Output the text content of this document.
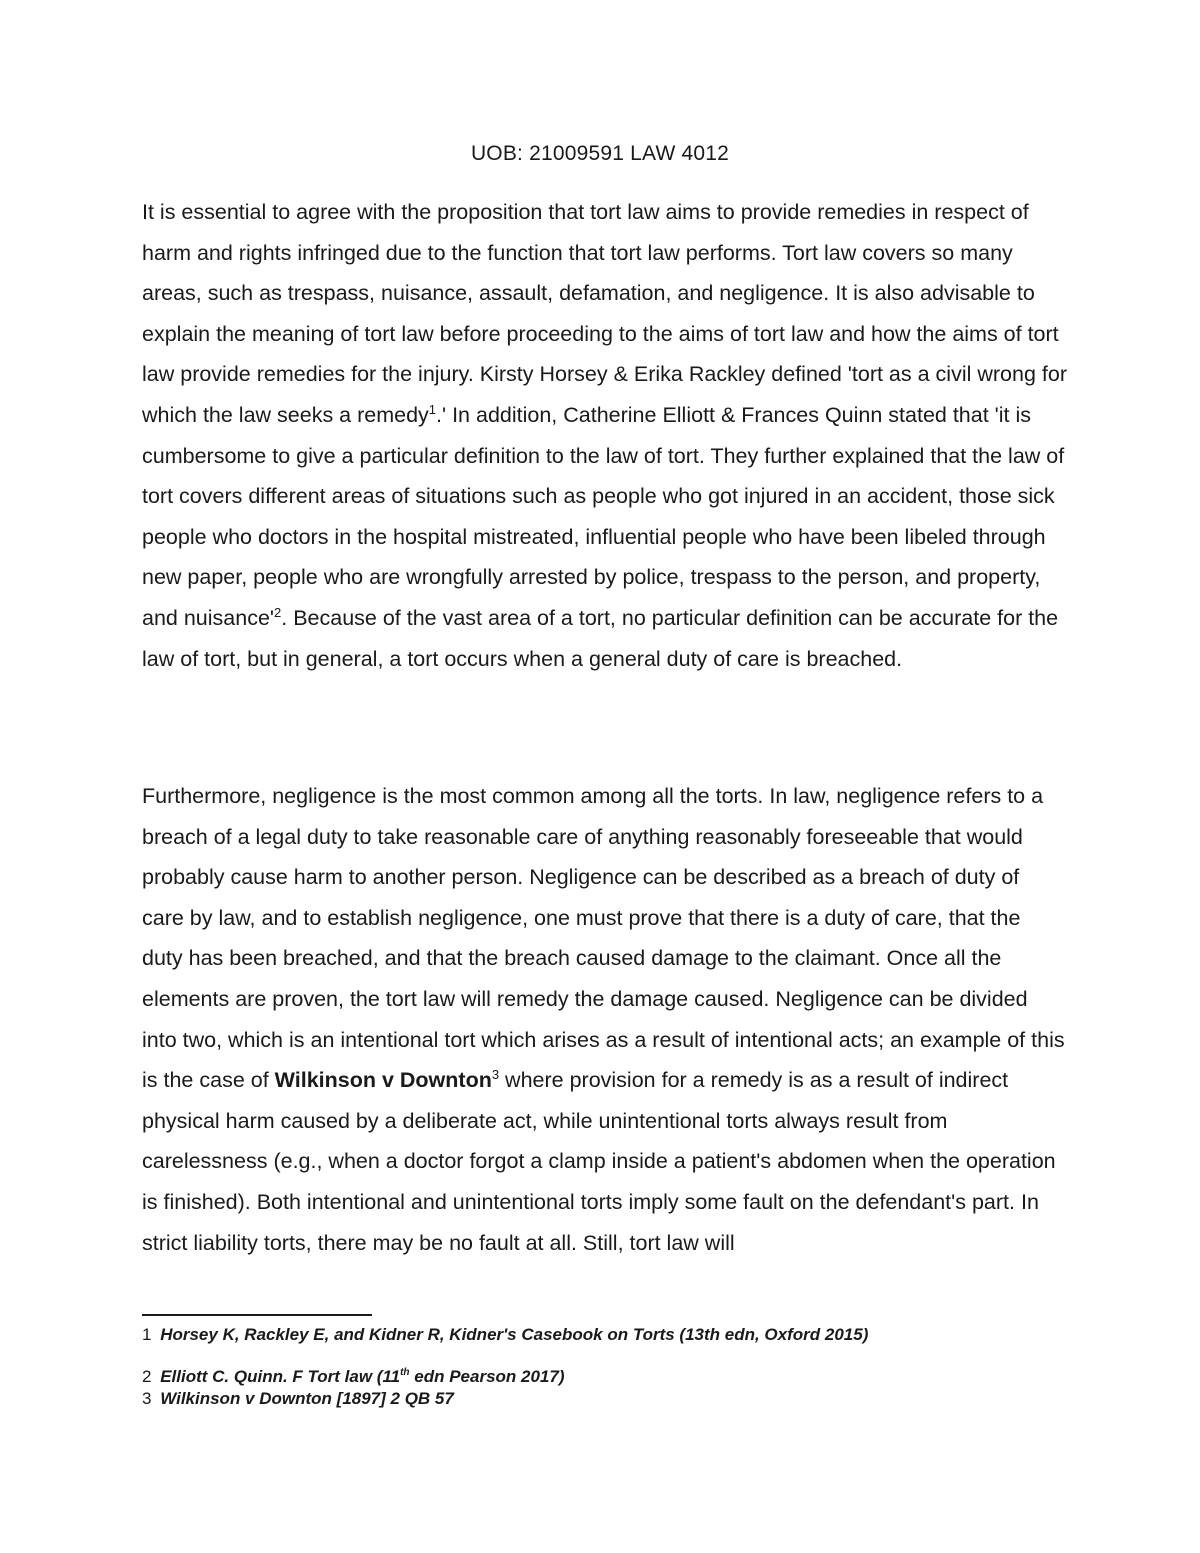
UOB: 21009591 LAW 4012

It is essential to agree with the proposition that tort law aims to provide remedies in respect of harm and rights infringed due to the function that tort law performs. Tort law covers so many areas, such as trespass, nuisance, assault, defamation, and negligence. It is also advisable to explain the meaning of tort law before proceeding to the aims of tort law and how the aims of tort law provide remedies for the injury. Kirsty Horsey & Erika Rackley defined 'tort as a civil wrong for which the law seeks a remedy$^1$.' In addition, Catherine Elliott & Frances Quinn stated that 'it is cumbersome to give a particular definition to the law of tort. They further explained that the law of tort covers different areas of situations such as people who got injured in an accident, those sick people who doctors in the hospital mistreated, influential people who have been libeled through new paper, people who are wrongfully arrested by police, trespass to the person, and property, and $nuisance'^2$. Because of the vast area of a tort, no particular definition can be accurate for the law of tort, but in general, a tort occurs when a general duty of care is breached.

Furthermore, negligence is the most common among all the torts. In law, negligence refers to a breach of a legal duty to take reasonable care of anything reasonably foreseeable that would probably cause harm to another person. Negligence can be described as a breach of duty of care by law, and to establish negligence, one must prove that there is a duty of care, that the duty has been breached, and that the breach caused damage to the claimant. Once all the elements are proven, the tort law will remedy the damage caused. Negligence can be divided into two, which is an intentional tort which arises as a result of intentional acts; an example of this is the case of Wilkinson v Downton$^3$ where provision for a remedy is as a result of indirect physical harm caused by a deliberate act, while unintentional torts always result from carelessness (e.g., when a doctor forgot a clamp inside a patient's abdomen when the operation is finished). Both intentional and unintentional torts imply some fault on the defendant's part. In strict liability torts, there may be no fault at all. Still, tort law will

1 Horsey K, Rackley E, and Kidner R, Kidner's Casebook on Torts (13th edn, Oxford 2015)

2 Elliott C. Quinn. F Tort law (11th edn Pearson 2017)

3 Wilkinson v Downton [1897] 2 QB 57
